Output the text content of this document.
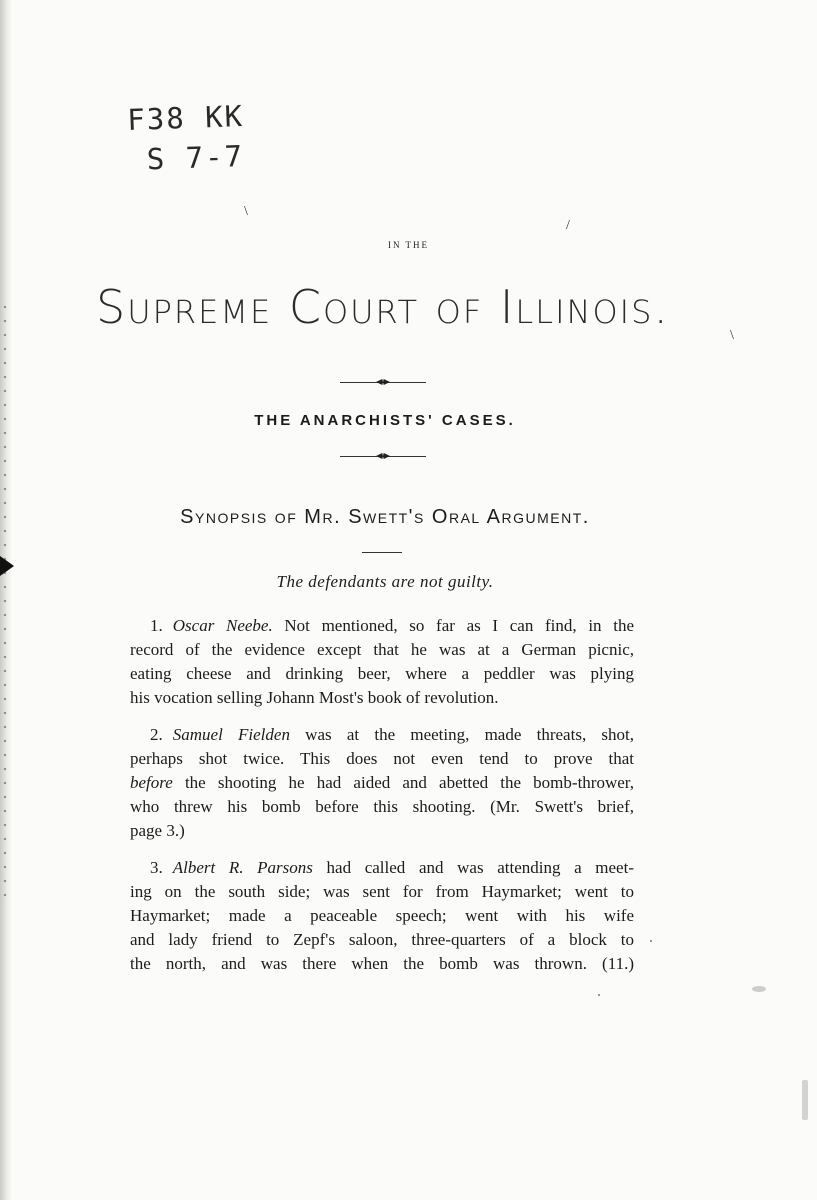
F38 KK
S 7-7
\
/
\
IN THE
Supreme Court of Illinois.
THE ANARCHISTS' CASES.
Synopsis of Mr. Swett's Oral Argument.
The defendants are not guilty.
1. Oscar Neebe. Not mentioned, so far as I can find, in the
record of the evidence except that he was at a German picnic,
eating cheese and drinking beer, where a peddler was plying
his vocation selling Johann Most's book of revolution.
2. Samuel Fielden was at the meeting, made threats, shot,
perhaps shot twice. This does not even tend to prove that
before the shooting he had aided and abetted the bomb-thrower,
who threw his bomb before this shooting. (Mr. Swett's brief,
page 3.)
3. Albert R. Parsons had called and was attending a meet-
ing on the south side; was sent for from Haymarket; went to
Haymarket; made a peaceable speech; went with his wife
and lady friend to Zepf's saloon, three-quarters of a block to
the north, and was there when the bomb was thrown. (11.)
